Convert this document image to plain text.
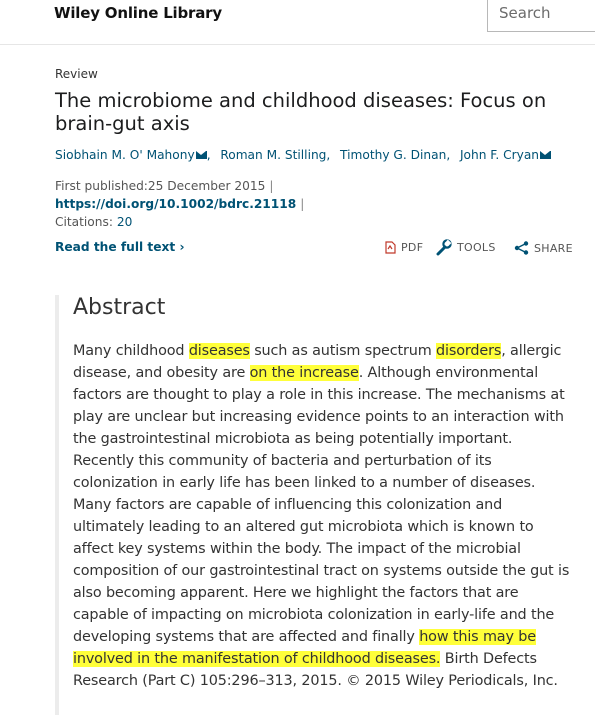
Wiley Online Library	Search
Review
The microbiome and childhood diseases: Focus on brain-gut axis
Siobhain M. O' Mahony ,  Roman M. Stilling,  Timothy G. Dinan,  John F. Cryan
First published:25 December 2015 | https://doi.org/10.1002/bdrc.21118 |
Citations: 20
Read the full text ›	PDF	TOOLS	SHARE
Abstract

Many childhood diseases such as autism spectrum disorders, allergic disease, and obesity are on the increase. Although environmental factors are thought to play a role in this increase. The mechanisms at play are unclear but increasing evidence points to an interaction with the gastrointestinal microbiota as being potentially important. Recently this community of bacteria and perturbation of its colonization in early life has been linked to a number of diseases. Many factors are capable of influencing this colonization and ultimately leading to an altered gut microbiota which is known to affect key systems within the body. The impact of the microbial composition of our gastrointestinal tract on systems outside the gut is also becoming apparent. Here we highlight the factors that are capable of impacting on microbiota colonization in early-life and the developing systems that are affected and finally how this may be involved in the manifestation of childhood diseases. Birth Defects Research (Part C) 105:296–313, 2015. © 2015 Wiley Periodicals, Inc.
